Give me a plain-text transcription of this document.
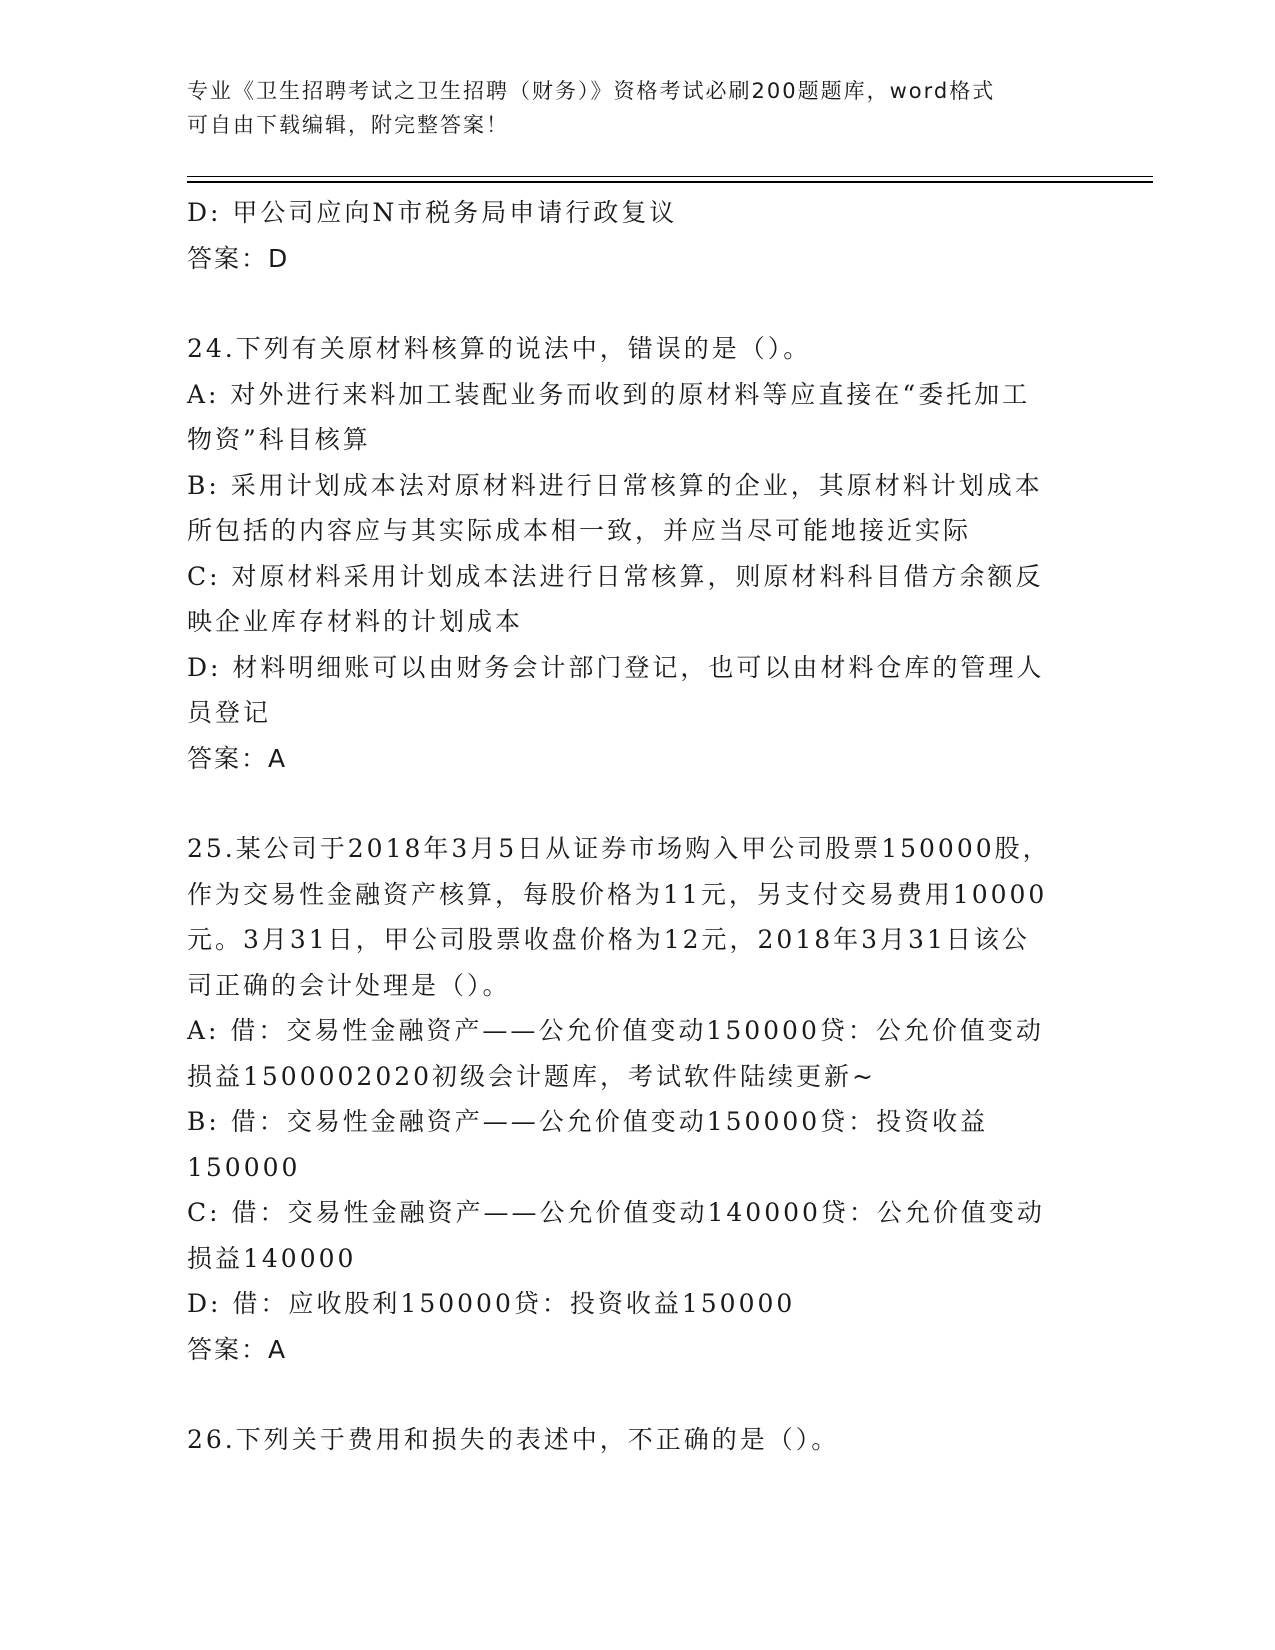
专业《卫生招聘考试之卫生招聘（财务）》资格考试必刷200题题库，word格式
可自由下载编辑，附完整答案！
D: 甲公司应向N市税务局申请行政复议
答案：D
24.下列有关原材料核算的说法中，错误的是（）。
A: 对外进行来料加工装配业务而收到的原材料等应直接在“委托加工
物资”科目核算
B: 采用计划成本法对原材料进行日常核算的企业，其原材料计划成本
所包括的内容应与其实际成本相一致，并应当尽可能地接近实际
C: 对原材料采用计划成本法进行日常核算，则原材料科目借方余额反
映企业库存材料的计划成本
D: 材料明细账可以由财务会计部门登记，也可以由材料仓库的管理人
员登记
答案：A
25.某公司于2018年3月5日从证券市场购入甲公司股票150000股，
作为交易性金融资产核算，每股价格为11元，另支付交易费用10000
元。3月31日，甲公司股票收盘价格为12元，2018年3月31日该公
司正确的会计处理是（）。
A: 借：交易性金融资产——公允价值变动150000贷：公允价值变动
损益1500002020初级会计题库，考试软件陆续更新~
B: 借：交易性金融资产——公允价值变动150000贷：投资收益
150000
C: 借：交易性金融资产——公允价值变动140000贷：公允价值变动
损益140000
D: 借：应收股利150000贷：投资收益150000
答案：A
26.下列关于费用和损失的表述中，不正确的是（）。
